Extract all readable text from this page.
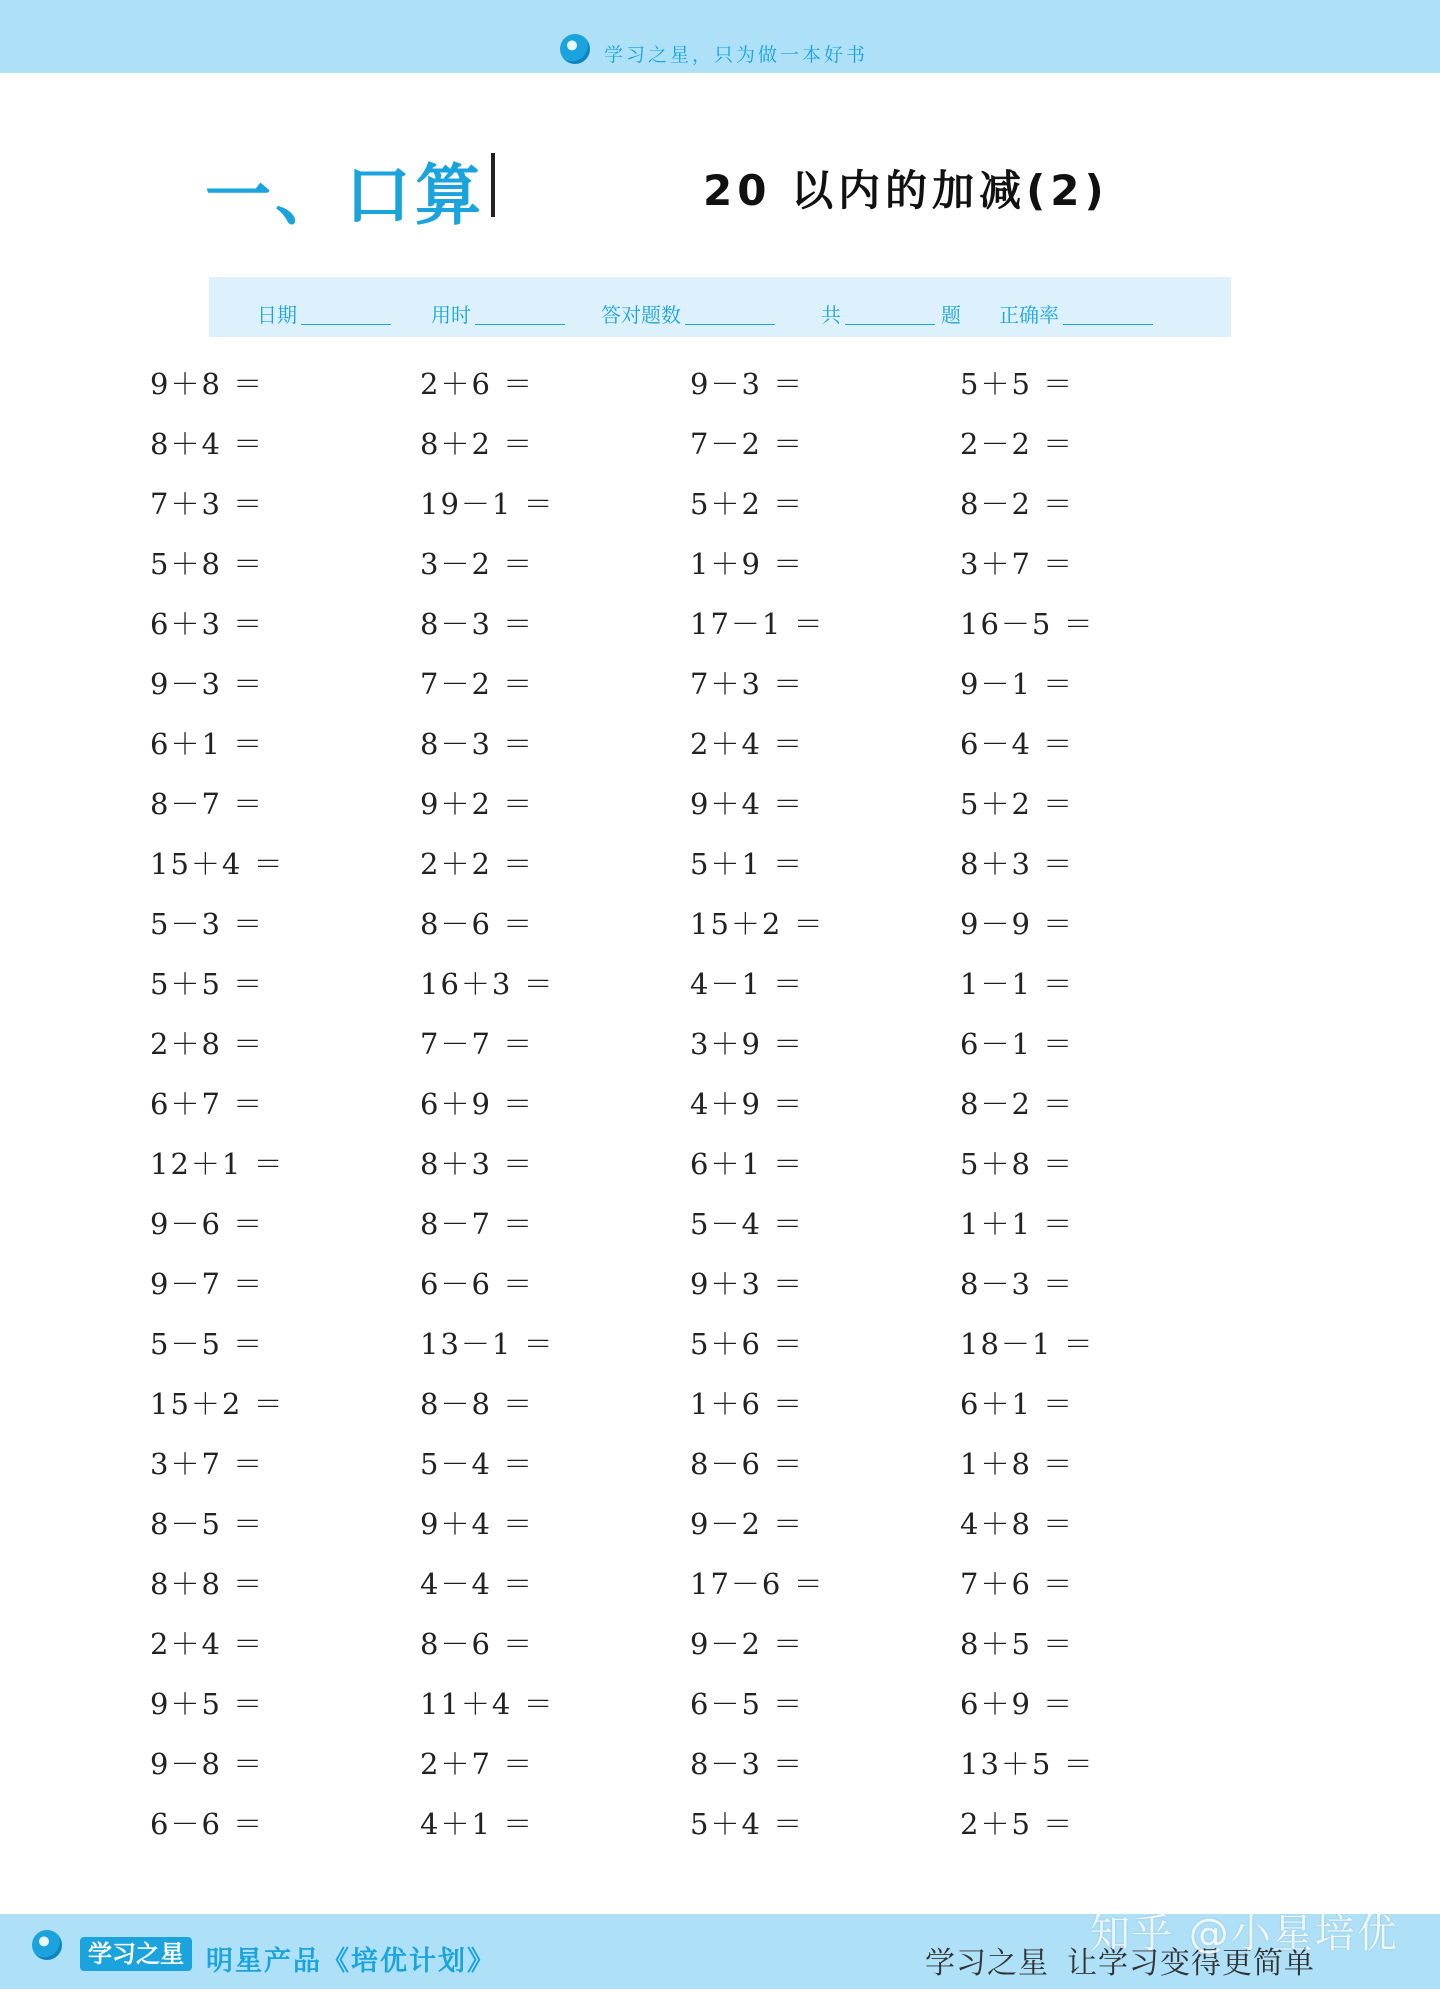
学习之星，只为做一本好书
一、口算	20 以内的加减(2)
日期	用时	答对题数	共	题 正确率
9＋8 ＝	2＋6 ＝	9－3 ＝	5＋5 ＝
8＋4 ＝	8＋2 ＝	7－2 ＝	2－2 ＝
7＋3 ＝	19－1 ＝	5＋2 ＝	8－2 ＝
5＋8 ＝	3－2 ＝	1＋9 ＝	3＋7 ＝
6＋3 ＝	8－3 ＝	17－1 ＝	16－5 ＝
9－3 ＝	7－2 ＝	7＋3 ＝	9－1 ＝
6＋1 ＝	8－3 ＝	2＋4 ＝	6－4 ＝
8－7 ＝	9＋2 ＝	9＋4 ＝	5＋2 ＝
15＋4 ＝	2＋2 ＝	5＋1 ＝	8＋3 ＝
5－3 ＝	8－6 ＝	15＋2 ＝	9－9 ＝
5＋5 ＝	16＋3 ＝	4－1 ＝	1－1 ＝
2＋8 ＝	7－7 ＝	3＋9 ＝	6－1 ＝
6＋7 ＝	6＋9 ＝	4＋9 ＝	8－2 ＝
12＋1 ＝	8＋3 ＝	6＋1 ＝	5＋8 ＝
9－6 ＝	8－7 ＝	5－4 ＝	1＋1 ＝
9－7 ＝	6－6 ＝	9＋3 ＝	8－3 ＝
5－5 ＝	13－1 ＝	5＋6 ＝	18－1 ＝
15＋2 ＝	8－8 ＝	1＋6 ＝	6＋1 ＝
3＋7 ＝	5－4 ＝	8－6 ＝	1＋8 ＝
8－5 ＝	9＋4 ＝	9－2 ＝	4＋8 ＝
8＋8 ＝	4－4 ＝	17－6 ＝	7＋6 ＝
2＋4 ＝	8－6 ＝	9－2 ＝	8＋5 ＝
9＋5 ＝	11＋4 ＝	6－5 ＝	6＋9 ＝
9－8 ＝	2＋7 ＝	8－3 ＝	13＋5 ＝
6－6 ＝	4＋1 ＝	5＋4 ＝	2＋5 ＝
学习之星 明星产品《培优计划》	学习之星 让学习变得更简单
知乎 @小星培优
